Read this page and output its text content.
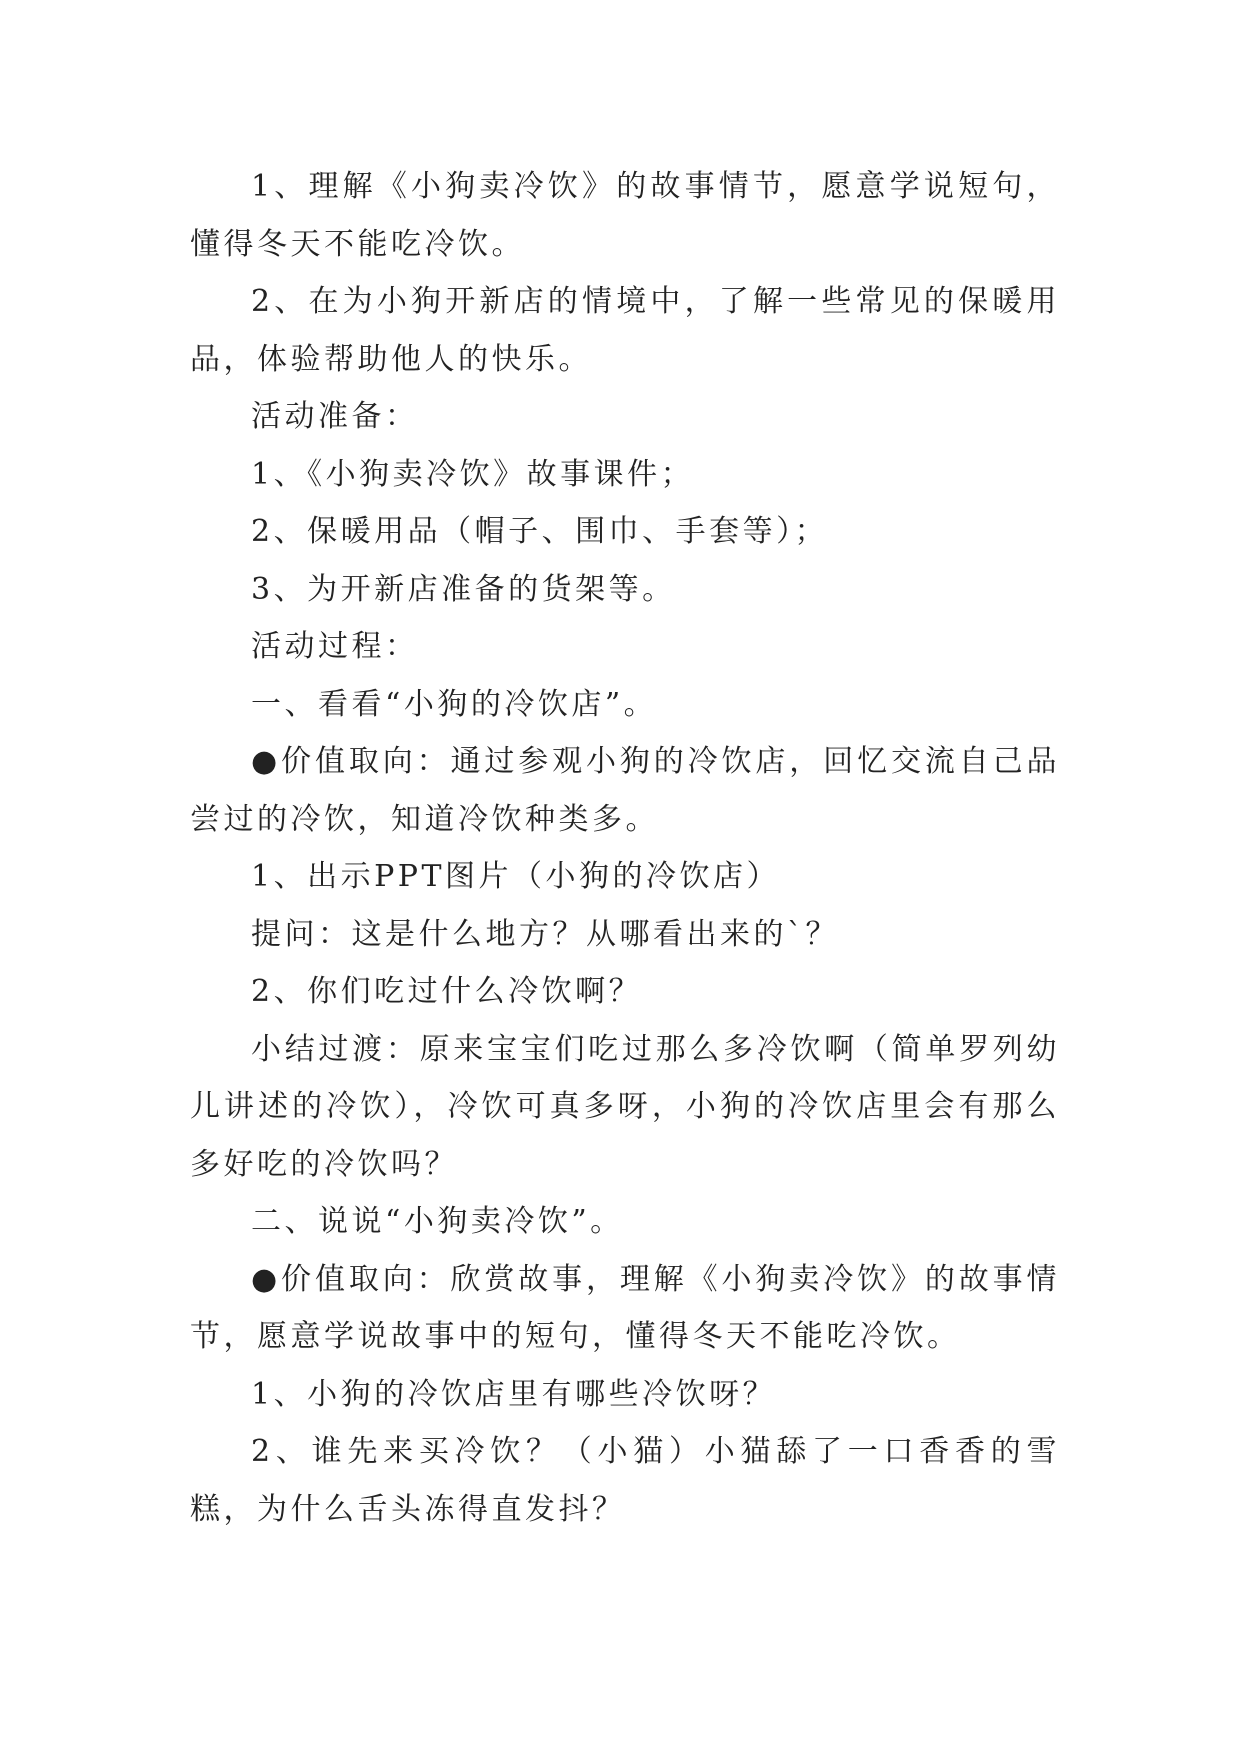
1、理解《小狗卖冷饮》的故事情节，愿意学说短句，懂得冬天不能吃冷饮。

2、在为小狗开新店的情境中，了解一些常见的保暖用品，体验帮助他人的快乐。

活动准备：

1、《小狗卖冷饮》故事课件；

2、保暖用品（帽子、围巾、手套等）；

3、为开新店准备的货架等。

活动过程：

一、看看“小狗的冷饮店”。

●价值取向：通过参观小狗的冷饮店，回忆交流自己品尝过的冷饮，知道冷饮种类多。

1、出示PPT图片（小狗的冷饮店）

提问：这是什么地方？从哪看出来的`？

2、你们吃过什么冷饮啊？

小结过渡：原来宝宝们吃过那么多冷饮啊（简单罗列幼儿讲述的冷饮），冷饮可真多呀，小狗的冷饮店里会有那么多好吃的冷饮吗？

二、说说“小狗卖冷饮”。

●价值取向：欣赏故事，理解《小狗卖冷饮》的故事情节，愿意学说故事中的短句，懂得冬天不能吃冷饮。

1、小狗的冷饮店里有哪些冷饮呀？

2、谁先来买冷饮？（小猫）小猫舔了一口香香的雪糕，为什么舌头冻得直发抖？
